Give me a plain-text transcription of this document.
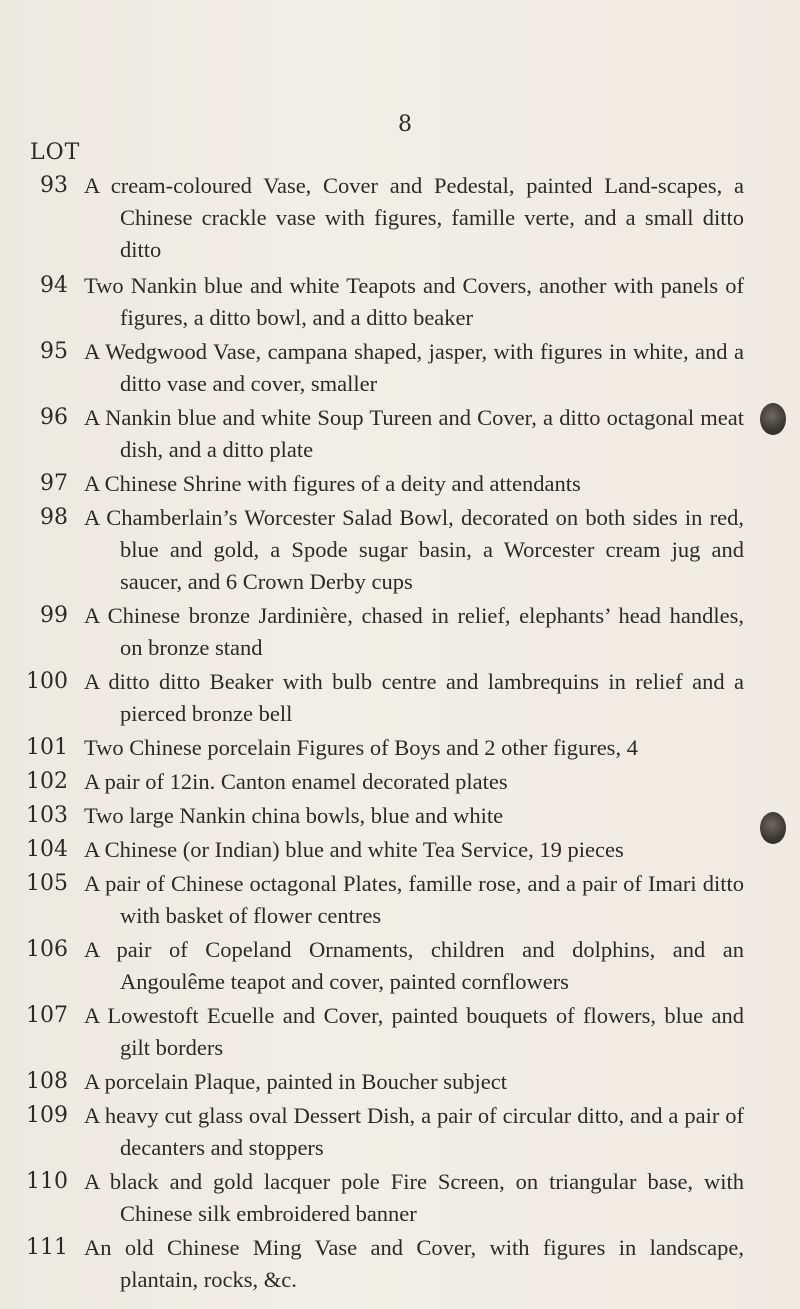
8
LOT
93 A cream-coloured Vase, Cover and Pedestal, painted Land-scapes, a Chinese crackle vase with figures, famille verte, and a small ditto ditto
94 Two Nankin blue and white Teapots and Covers, another with panels of figures, a ditto bowl, and a ditto beaker
95 A Wedgwood Vase, campana shaped, jasper, with figures in white, and a ditto vase and cover, smaller
96 A Nankin blue and white Soup Tureen and Cover, a ditto octagonal meat dish, and a ditto plate
97 A Chinese Shrine with figures of a deity and attendants
98 A Chamberlain’s Worcester Salad Bowl, decorated on both sides in red, blue and gold, a Spode sugar basin, a Worcester cream jug and saucer, and 6 Crown Derby cups
99 A Chinese bronze Jardinière, chased in relief, elephants’ head handles, on bronze stand
100 A ditto ditto Beaker with bulb centre and lambrequins in relief and a pierced bronze bell
101 Two Chinese porcelain Figures of Boys and 2 other figures, 4
102 A pair of 12in. Canton enamel decorated plates
103 Two large Nankin china bowls, blue and white
104 A Chinese (or Indian) blue and white Tea Service, 19 pieces
105 A pair of Chinese octagonal Plates, famille rose, and a pair of Imari ditto with basket of flower centres
106 A pair of Copeland Ornaments, children and dolphins, and an Angoulême teapot and cover, painted cornflowers
107 A Lowestoft Ecuelle and Cover, painted bouquets of flowers, blue and gilt borders
108 A porcelain Plaque, painted in Boucher subject
109 A heavy cut glass oval Dessert Dish, a pair of circular ditto, and a pair of decanters and stoppers
110 A black and gold lacquer pole Fire Screen, on triangular base, with Chinese silk embroidered banner
111 An old Chinese Ming Vase and Cover, with figures in landscape, plantain, rocks, &c.
